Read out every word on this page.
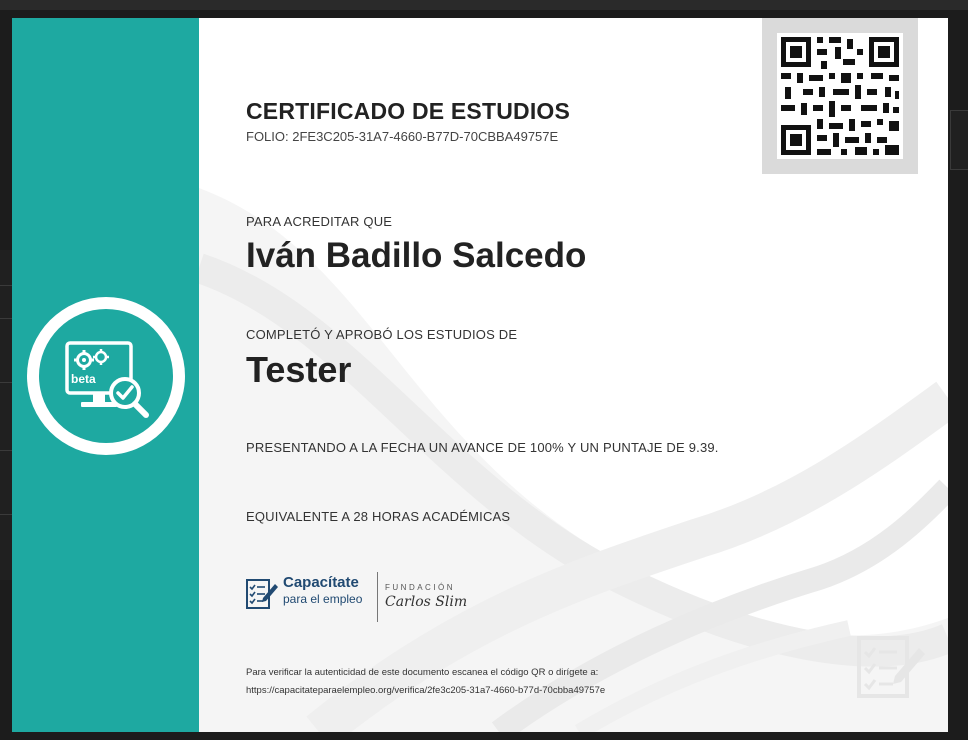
beta
CERTIFICADO DE ESTUDIOS
FOLIO: 2FE3C205-31A7-4660-B77D-70CBBA49757E
PARA ACREDITAR QUE
Iván Badillo Salcedo
COMPLETÓ Y APROBÓ LOS ESTUDIOS DE
Tester
PRESENTANDO A LA FECHA UN AVANCE DE 100% Y UN PUNTAJE DE 9.39.
EQUIVALENTE A 28 HORAS ACADÉMICAS
Capacítate
para el empleo
FUNDACIÓN
Carlos Slim
Para verificar la autenticidad de este documento escanea el código QR o dirígete a:
https://capacitateparaelempleo.org/verifica/2fe3c205-31a7-4660-b77d-70cbba49757e
